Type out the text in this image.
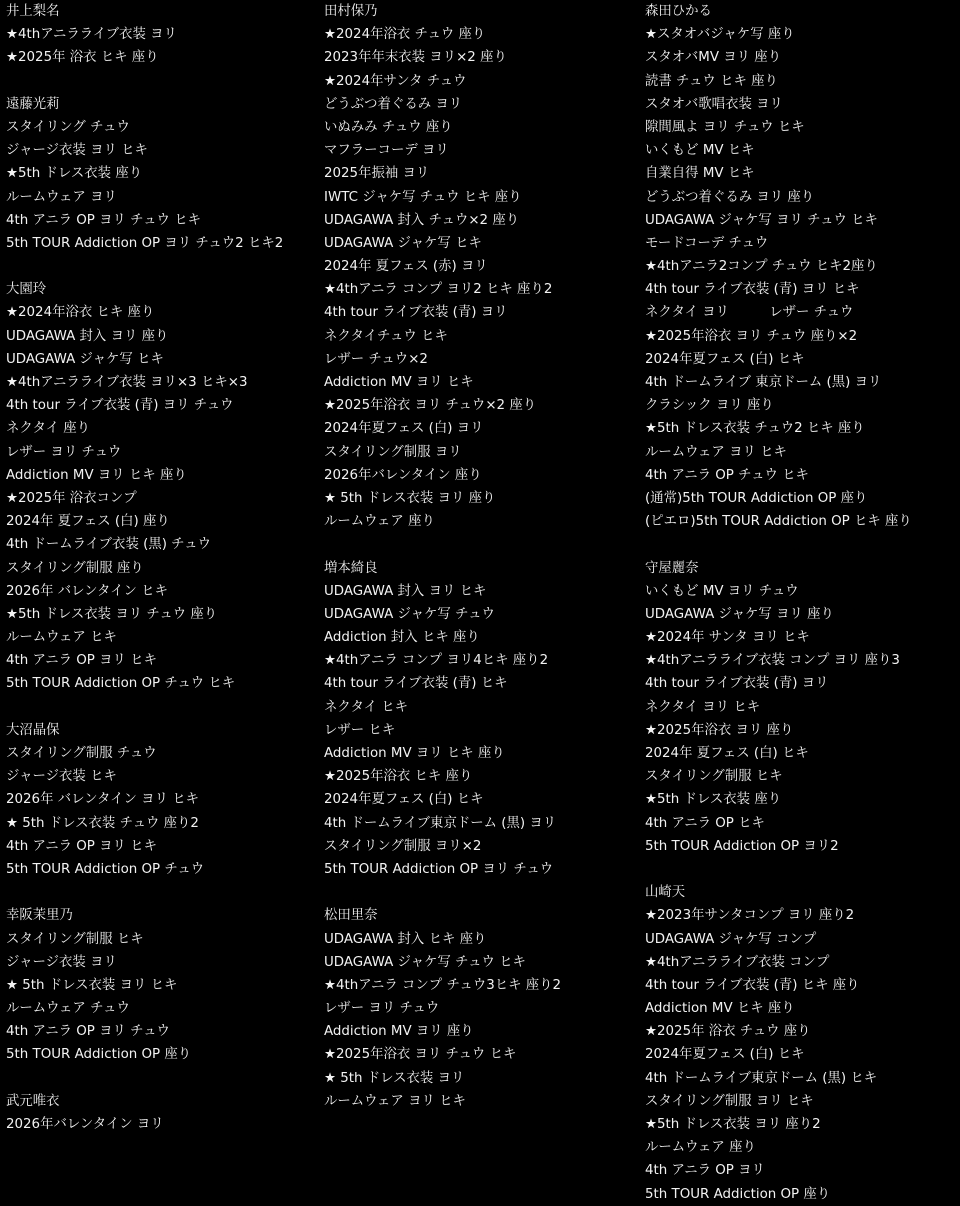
井上梨名
★4thアニラライブ衣装 ヨリ
★2025年 浴衣 ヒキ 座り
遠藤光莉
スタイリング チュウ
ジャージ衣装 ヨリ ヒキ
★5th ドレス衣装 座り
ルームウェア ヨリ
4th アニラ OP ヨリ チュウ ヒキ
5th TOUR Addiction OP ヨリ チュウ2 ヒキ2
大園玲
★2024年浴衣 ヒキ 座り
UDAGAWA 封入 ヨリ 座り
UDAGAWA ジャケ写 ヒキ
★4thアニラライブ衣装 ヨリ×3 ヒキ×3
4th tour ライブ衣装 (青) ヨリ チュウ
ネクタイ 座り
レザー ヨリ チュウ
Addiction MV ヨリ ヒキ 座り
★2025年 浴衣コンプ
2024年 夏フェス (白) 座り
4th ドームライブ衣装 (黒) チュウ
スタイリング制服 座り
2026年 バレンタイン ヒキ
★5th ドレス衣装 ヨリ チュウ 座り
ルームウェア ヒキ
4th アニラ OP ヨリ ヒキ
5th TOUR Addiction OP チュウ ヒキ
大沼晶保
スタイリング制服 チュウ
ジャージ衣装 ヒキ
2026年 バレンタイン ヨリ ヒキ
★ 5th ドレス衣装 チュウ 座り2
4th アニラ OP ヨリ ヒキ
5th TOUR Addiction OP チュウ
幸阪茉里乃
スタイリング制服 ヒキ
ジャージ衣装 ヨリ
★ 5th ドレス衣装 ヨリ ヒキ
ルームウェア チュウ
4th アニラ OP ヨリ チュウ
5th TOUR Addiction OP 座り
武元唯衣
2026年バレンタイン ヨリ
田村保乃
★2024年浴衣 チュウ 座り
2023年年末衣装 ヨリ×2 座り
★2024年サンタ チュウ
どうぶつ着ぐるみ ヨリ
いぬみみ チュウ 座り
マフラーコーデ ヨリ
2025年振袖 ヨリ
IWTC ジャケ写 チュウ ヒキ 座り
UDAGAWA 封入 チュウ×2 座り
UDAGAWA ジャケ写 ヒキ
2024年 夏フェス (赤) ヨリ
★4thアニラ コンプ ヨリ2 ヒキ 座り2
4th tour ライブ衣装 (青) ヨリ
ネクタイチュウ ヒキ
レザー チュウ×2
Addiction MV ヨリ ヒキ
★2025年浴衣 ヨリ チュウ×2 座り
2024年夏フェス (白) ヨリ
スタイリング制服 ヨリ
2026年バレンタイン 座り
★ 5th ドレス衣装 ヨリ 座り
ルームウェア 座り
増本綺良
UDAGAWA 封入 ヨリ ヒキ
UDAGAWA ジャケ写 チュウ
Addiction 封入 ヒキ 座り
★4thアニラ コンプ ヨリ4ヒキ 座り2
4th tour ライブ衣装 (青) ヒキ
ネクタイ ヒキ
レザー ヒキ
Addiction MV ヨリ ヒキ 座り
★2025年浴衣 ヒキ 座り
2024年夏フェス (白) ヒキ
4th ドームライブ東京ドーム (黒) ヨリ
スタイリング制服 ヨリ×2
5th TOUR Addiction OP ヨリ チュウ
松田里奈
UDAGAWA 封入 ヒキ 座り
UDAGAWA ジャケ写 チュウ ヒキ
★4thアニラ コンプ チュウ3ヒキ 座り2
レザー ヨリ チュウ
Addiction MV ヨリ 座り
★2025年浴衣 ヨリ チュウ ヒキ
★ 5th ドレス衣装 ヨリ
ルームウェア ヨリ ヒキ
森田ひかる
★スタオバジャケ写 座り
スタオバMV ヨリ 座り
読書 チュウ ヒキ 座り
スタオバ歌唱衣装 ヨリ
隙間風よ ヨリ チュウ ヒキ
いくもど MV ヒキ
自業自得 MV ヒキ
どうぶつ着ぐるみ ヨリ 座り
UDAGAWA ジャケ写 ヨリ チュウ ヒキ
モードコーデ チュウ
★4thアニラ2コンプ チュウ ヒキ2座り
4th tour ライブ衣装 (青) ヨリ ヒキ
ネクタイ ヨリ　　　レザー チュウ
★2025年浴衣 ヨリ チュウ 座り×2
2024年夏フェス (白) ヒキ
4th ドームライブ 東京ドーム (黒) ヨリ
クラシック ヨリ 座り
★5th ドレス衣装 チュウ2 ヒキ 座り
ルームウェア ヨリ ヒキ
4th アニラ OP チュウ ヒキ
(通常)5th TOUR Addiction OP 座り
(ピエロ)5th TOUR Addiction OP ヒキ 座り
守屋麗奈
いくもど MV ヨリ チュウ
UDAGAWA ジャケ写 ヨリ 座り
★2024年 サンタ ヨリ ヒキ
★4thアニラライブ衣装 コンプ ヨリ 座り3
4th tour ライブ衣装 (青) ヨリ
ネクタイ ヨリ ヒキ
★2025年浴衣 ヨリ 座り
2024年 夏フェス (白) ヒキ
スタイリング制服 ヒキ
★5th ドレス衣装 座り
4th アニラ OP ヒキ
5th TOUR Addiction OP ヨリ2
山崎天
★2023年サンタコンプ ヨリ 座り2
UDAGAWA ジャケ写 コンプ
★4thアニラライブ衣装 コンプ
4th tour ライブ衣装 (青) ヒキ 座り
Addiction MV ヒキ 座り
★2025年 浴衣 チュウ 座り
2024年夏フェス (白) ヒキ
4th ドームライブ東京ドーム (黒) ヒキ
スタイリング制服 ヨリ ヒキ
★5th ドレス衣装 ヨリ 座り2
ルームウェア 座り
4th アニラ OP ヨリ
5th TOUR Addiction OP 座り
